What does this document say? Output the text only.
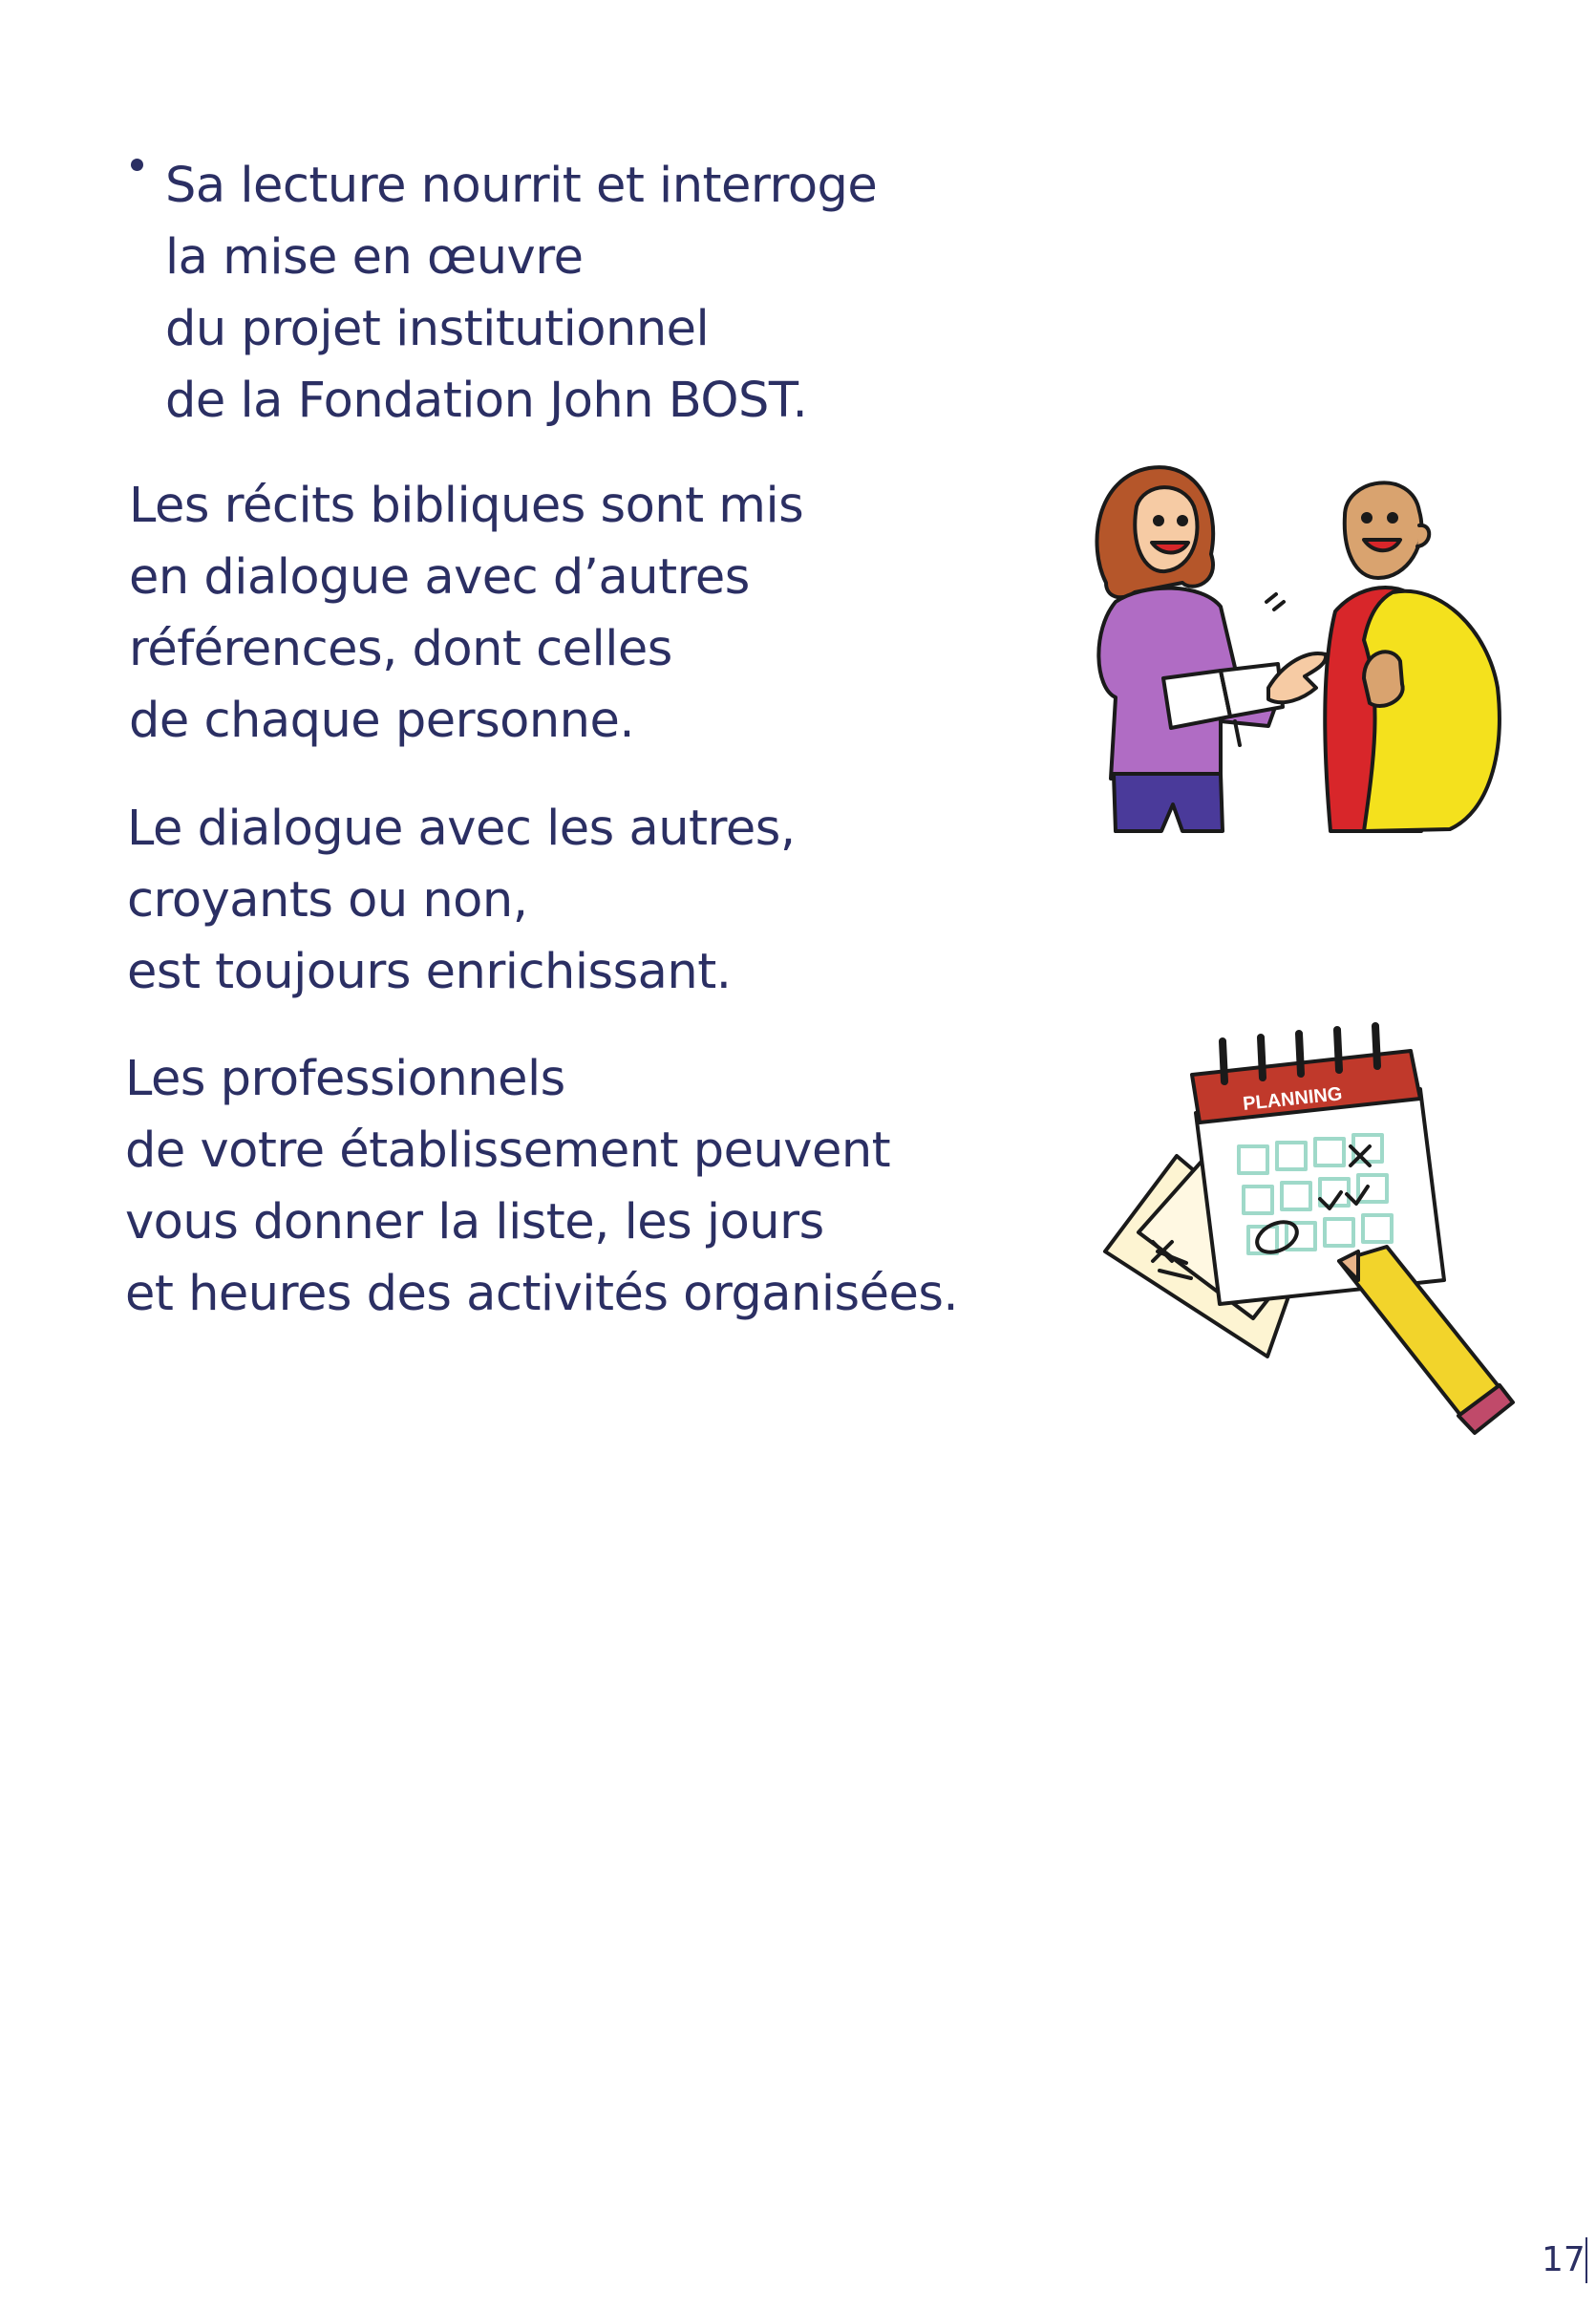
Sa lecture nourrit et interroge
la mise en œuvre
du projet institutionnel
de la Fondation John BOST.
Les récits bibliques sont mis
en dialogue avec d’autres
références, dont celles
de chaque personne.
Le dialogue avec les autres,
croyants ou non,
est toujours enrichissant.
Les professionnels
de votre établissement peuvent
vous donner la liste, les jours
et heures des activités organisées.
PLANNING
17
